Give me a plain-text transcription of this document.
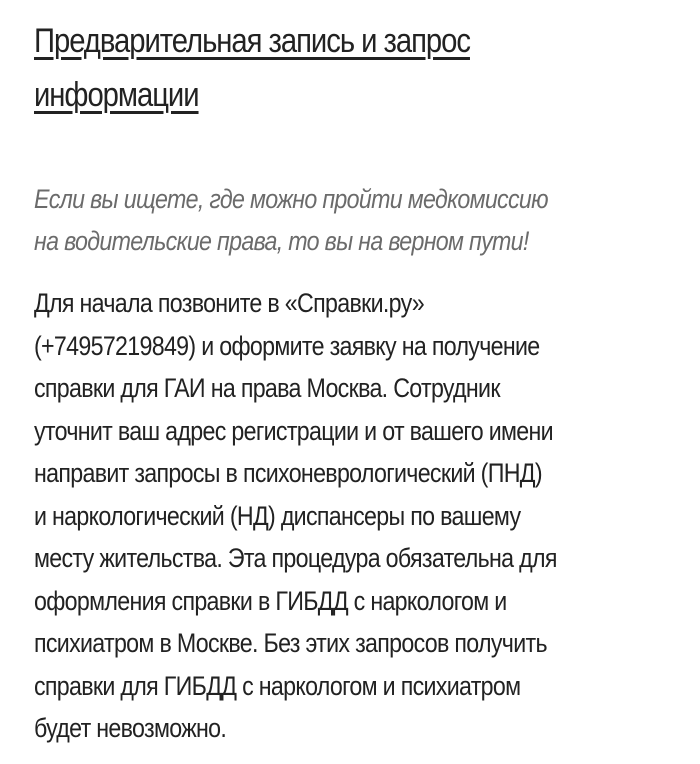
Предварительная запись и запрос
информации

Если вы ищете, где можно пройти медкомиссию
на водительские права, то вы на верном пути!

Для начала позвоните в «Справки.ру»
(+74957219849) и оформите заявку на получение
справки для ГАИ на права Москва. Сотрудник
уточнит ваш адрес регистрации и от вашего имени
направит запросы в психоневрологический (ПНД)
и наркологический (НД) диспансеры по вашему
месту жительства. Эта процедура обязательна для
оформления справки в ГИБДД с наркологом и
психиатром в Москве. Без этих запросов получить
справки для ГИБДД с наркологом и психиатром
будет невозможно.
